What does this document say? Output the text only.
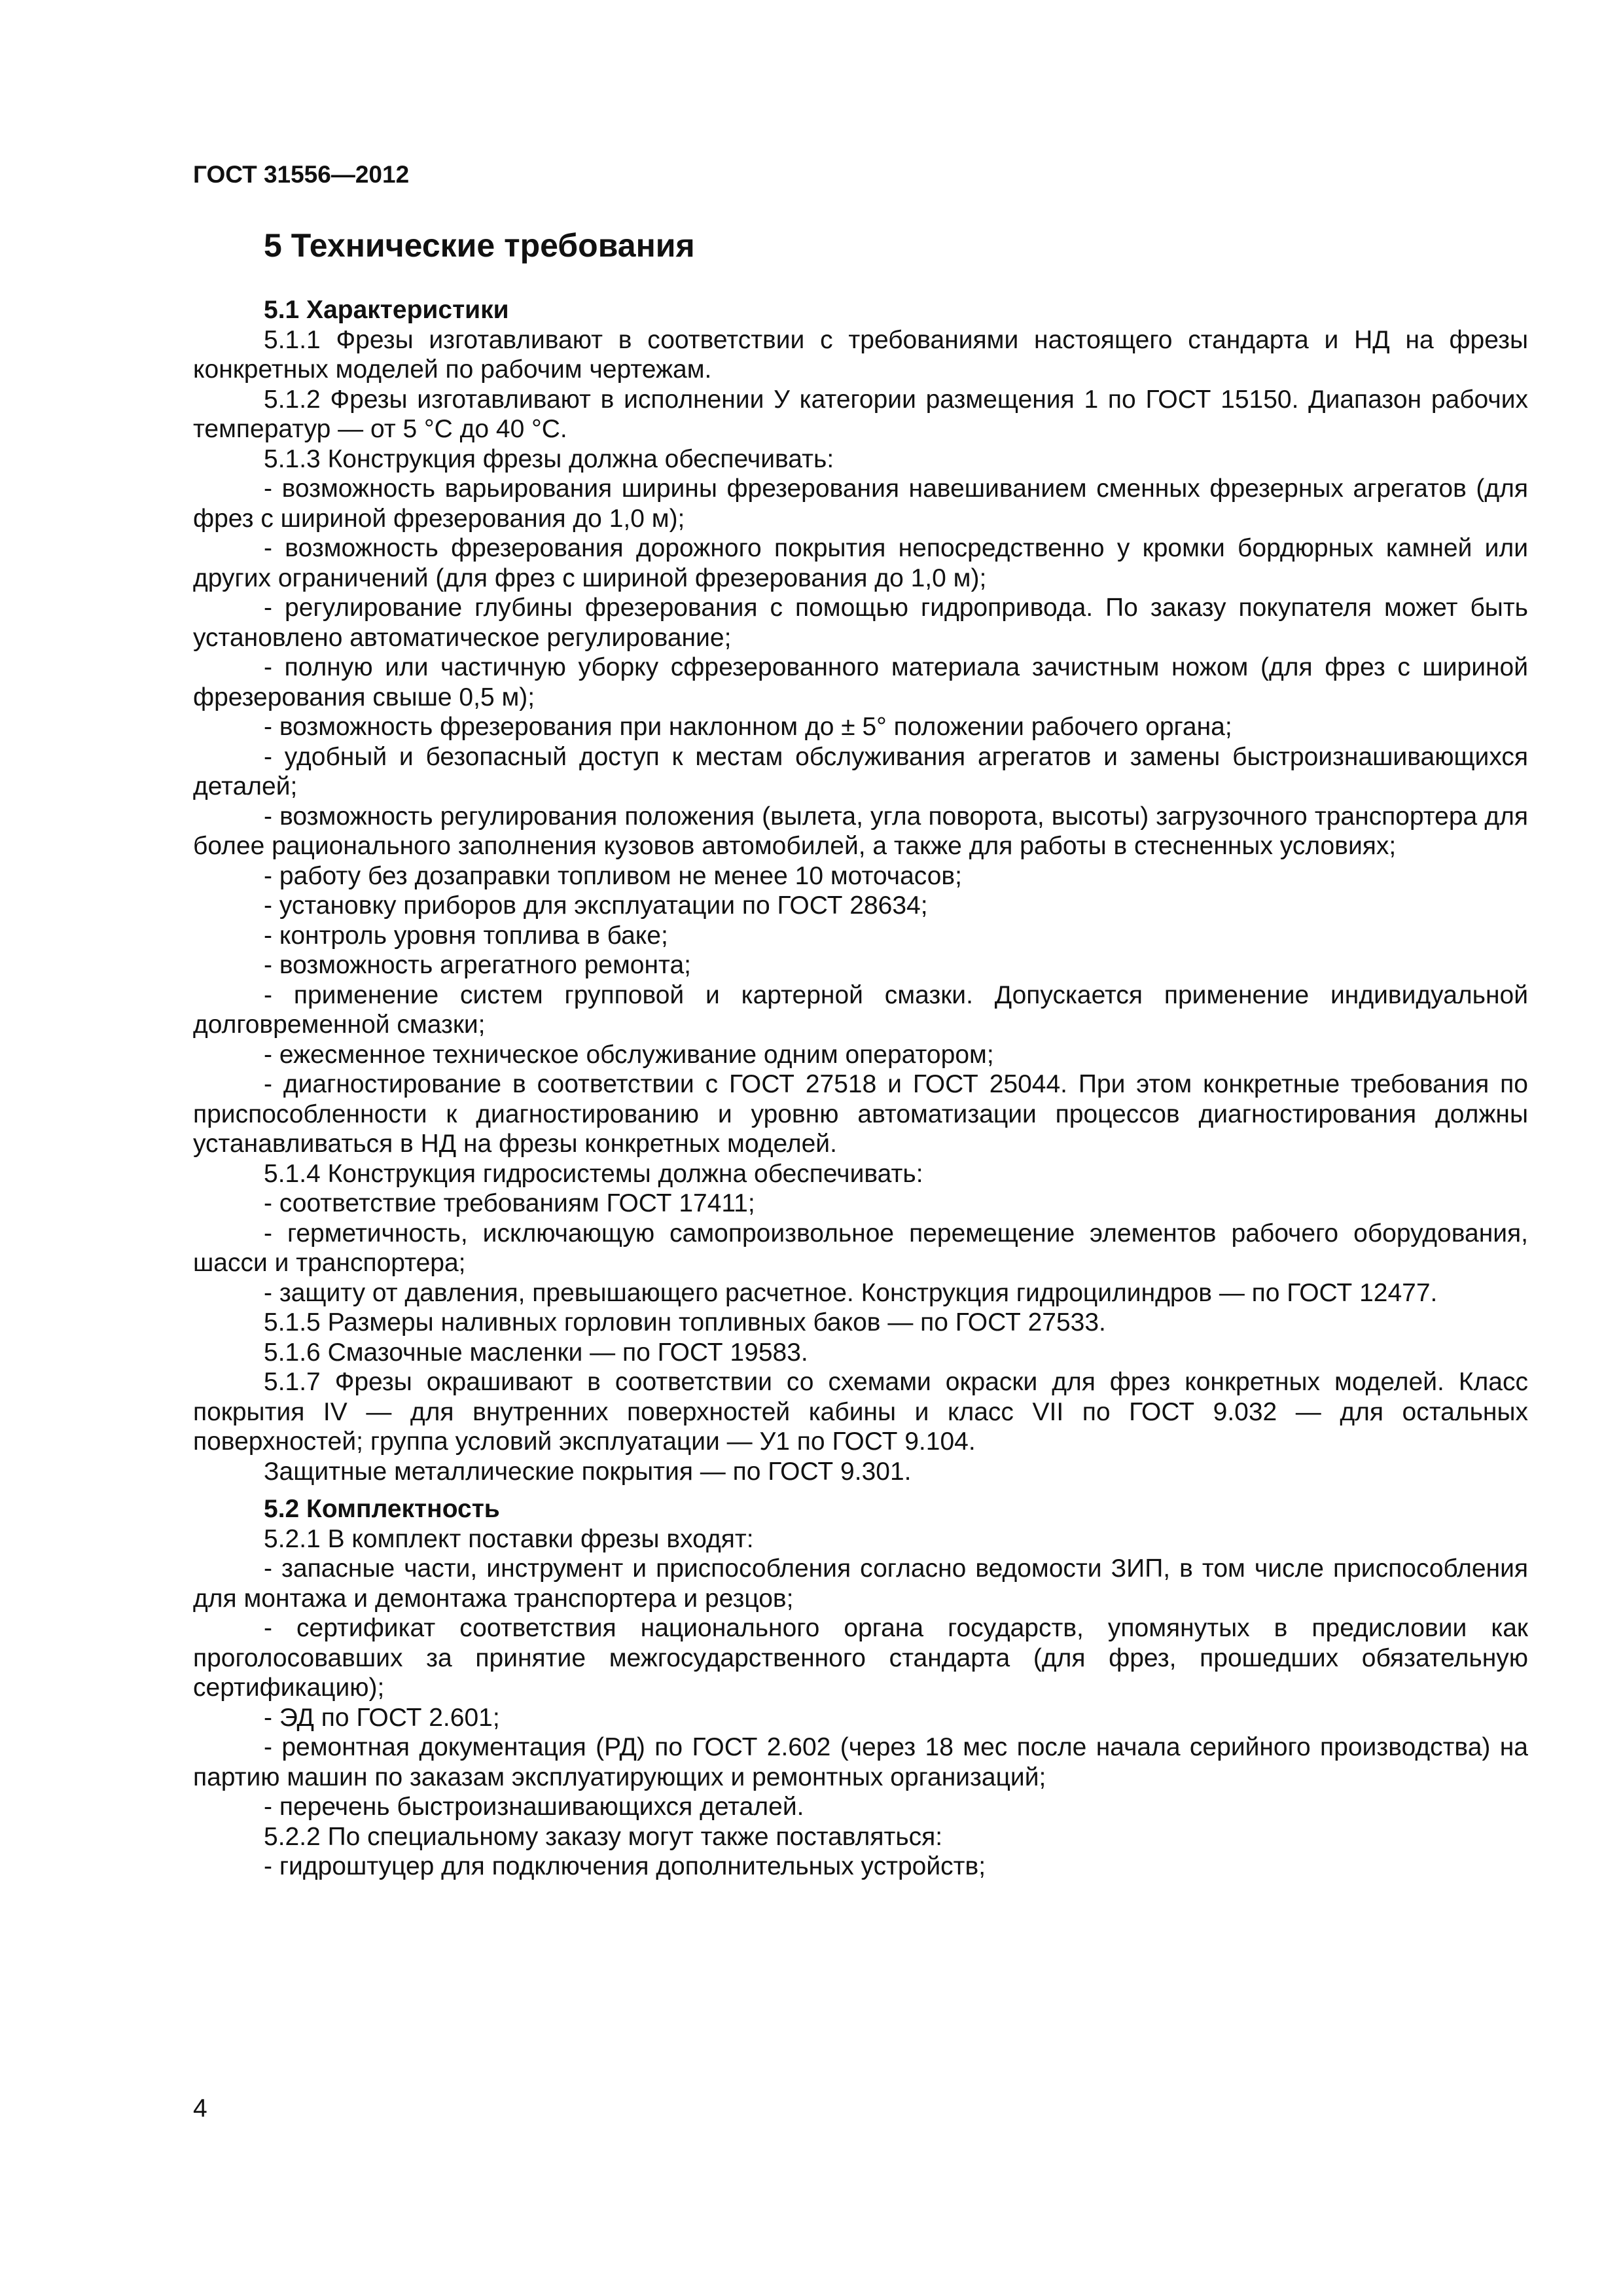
ГОСТ 31556—2012

5 Технические требования

5.1 Характеристики

5.1.1 Фрезы изготавливают в соответствии с требованиями настоящего стандарта и НД на фрезы конкретных моделей по рабочим чертежам.

5.1.2 Фрезы изготавливают в исполнении У категории размещения 1 по ГОСТ 15150. Диапазон рабочих температур — от 5 °С до 40 °С.

5.1.3 Конструкция фрезы должна обеспечивать:

- возможность варьирования ширины фрезерования навешиванием сменных фрезерных агрегатов (для фрез с шириной фрезерования до 1,0 м);

- возможность фрезерования дорожного покрытия непосредственно у кромки бордюрных камней или других ограничений (для фрез с шириной фрезерования до 1,0 м);

- регулирование глубины фрезерования с помощью гидропривода. По заказу покупателя может быть установлено автоматическое регулирование;

- полную или частичную уборку сфрезерованного материала зачистным ножом (для фрез с шириной фрезерования свыше 0,5 м);

- возможность фрезерования при наклонном до ± 5° положении рабочего органа;

- удобный и безопасный доступ к местам обслуживания агрегатов и замены быстроизнашивающихся деталей;

- возможность регулирования положения (вылета, угла поворота, высоты) загрузочного транспортера для более рационального заполнения кузовов автомобилей, а также для работы в стесненных условиях;

- работу без дозаправки топливом не менее 10 моточасов;

- установку приборов для эксплуатации по ГОСТ 28634;

- контроль уровня топлива в баке;

- возможность агрегатного ремонта;

- применение систем групповой и картерной смазки. Допускается применение индивидуальной долговременной смазки;

- ежесменное техническое обслуживание одним оператором;

- диагностирование в соответствии с ГОСТ 27518 и ГОСТ 25044. При этом конкретные требования по приспособленности к диагностированию и уровню автоматизации процессов диагностирования должны устанавливаться в НД на фрезы конкретных моделей.

5.1.4 Конструкция гидросистемы должна обеспечивать:

- соответствие требованиям ГОСТ 17411;

- герметичность, исключающую самопроизвольное перемещение элементов рабочего оборудования, шасси и транспортера;

- защиту от давления, превышающего расчетное. Конструкция гидроцилиндров — по ГОСТ 12477.

5.1.5 Размеры наливных горловин топливных баков — по ГОСТ 27533.

5.1.6 Смазочные масленки — по ГОСТ 19583.

5.1.7 Фрезы окрашивают в соответствии со схемами окраски для фрез конкретных моделей. Класс покрытия IV — для внутренних поверхностей кабины и класс VII по ГОСТ 9.032 — для остальных поверхностей; группа условий эксплуатации — У1 по ГОСТ 9.104.

Защитные металлические покрытия — по ГОСТ 9.301.

5.2 Комплектность

5.2.1 В комплект поставки фрезы входят:

- запасные части, инструмент и приспособления согласно ведомости ЗИП, в том числе приспособления для монтажа и демонтажа транспортера и резцов;

- сертификат соответствия национального органа государств, упомянутых в предисловии как проголосовавших за принятие межгосударственного стандарта (для фрез, прошедших обязательную сертификацию);

- ЭД по ГОСТ 2.601;

- ремонтная документация (РД) по ГОСТ 2.602 (через 18 мес после начала серийного производства) на партию машин по заказам эксплуатирующих и ремонтных организаций;

- перечень быстроизнашивающихся деталей.

5.2.2 По специальному заказу могут также поставляться:

- гидроштуцер для подключения дополнительных устройств;

4
